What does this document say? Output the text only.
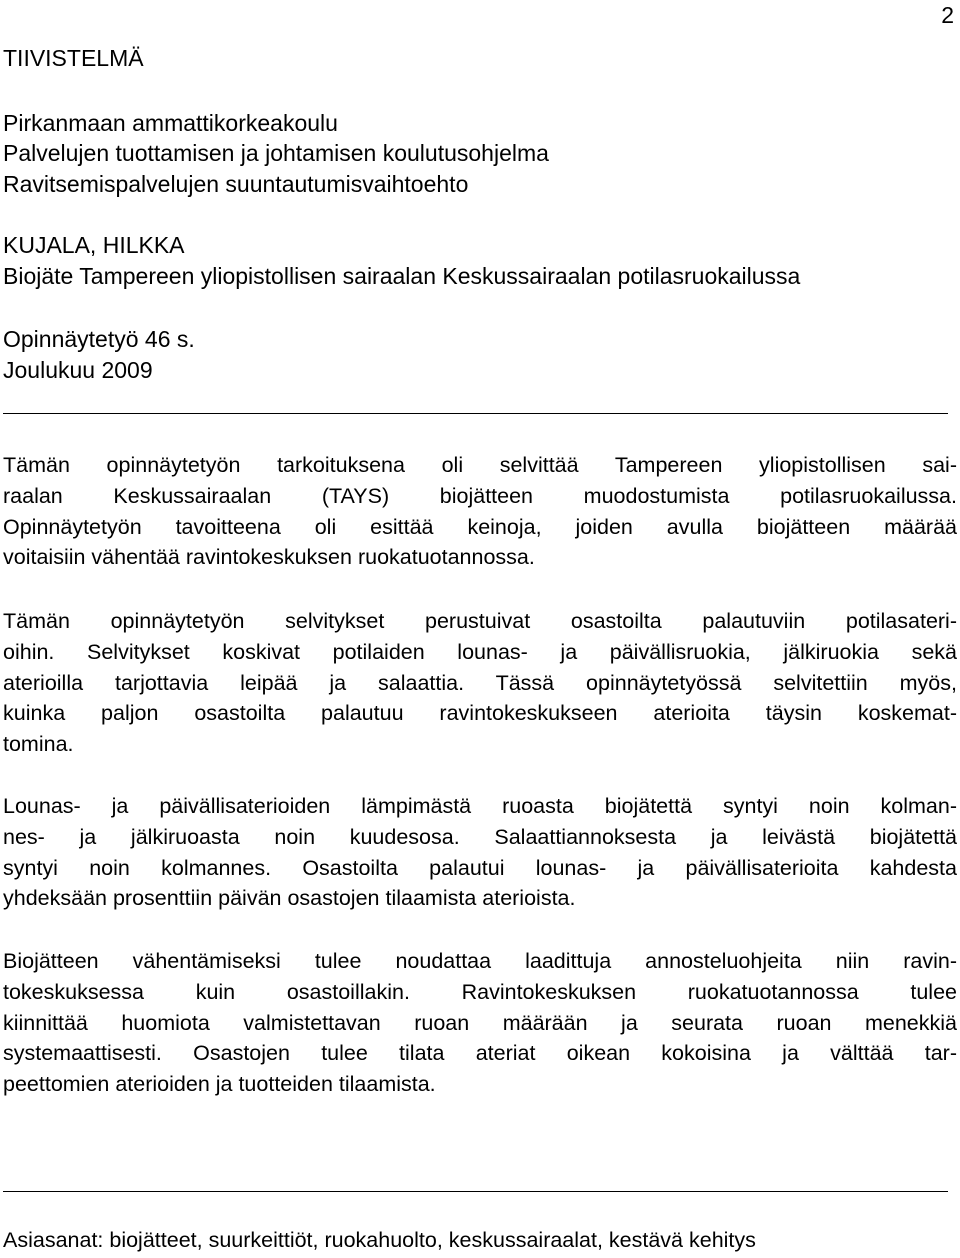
2
TIIVISTELMÄ
Pirkanmaan ammattikorkeakoulu
Palvelujen tuottamisen ja johtamisen koulutusohjelma
Ravitsemispalvelujen suuntautumisvaihtoehto
KUJALA, HILKKA
Biojäte Tampereen yliopistollisen sairaalan Keskussairaalan potilasruokailussa
Opinnäytetyö 46 s.
Joulukuu 2009
Tämän opinnäytetyön tarkoituksena oli selvittää Tampereen yliopistollisen sai-
raalan Keskussairaalan (TAYS) biojätteen muodostumista potilasruokailussa.
Opinnäytetyön tavoitteena oli esittää keinoja, joiden avulla biojätteen määrää
voitaisiin vähentää ravintokeskuksen ruokatuotannossa.
Tämän opinnäytetyön selvitykset perustuivat osastoilta palautuviin potilasateri-
oihin. Selvitykset koskivat potilaiden lounas- ja päivällisruokia, jälkiruokia sekä
aterioilla tarjottavia leipää ja salaattia. Tässä opinnäytetyössä selvitettiin myös,
kuinka paljon osastoilta palautuu ravintokeskukseen aterioita täysin koskemat-
tomina.
Lounas- ja päivällisaterioiden lämpimästä ruoasta biojätettä syntyi noin kolman-
nes- ja jälkiruoasta noin kuudesosa. Salaattiannoksesta ja leivästä biojätettä
syntyi noin kolmannes. Osastoilta palautui lounas- ja päivällisaterioita kahdesta
yhdeksään prosenttiin päivän osastojen tilaamista aterioista.
Biojätteen vähentämiseksi tulee noudattaa laadittuja annosteluohjeita niin ravin-
tokeskuksessa kuin osastoillakin. Ravintokeskuksen ruokatuotannossa tulee
kiinnittää huomiota valmistettavan ruoan määrään ja seurata ruoan menekkiä
systemaattisesti. Osastojen tulee tilata ateriat oikean kokoisina ja välttää tar-
peettomien aterioiden ja tuotteiden tilaamista.
Asiasanat: biojätteet, suurkeittiöt, ruokahuolto, keskussairaalat, kestävä kehitys
